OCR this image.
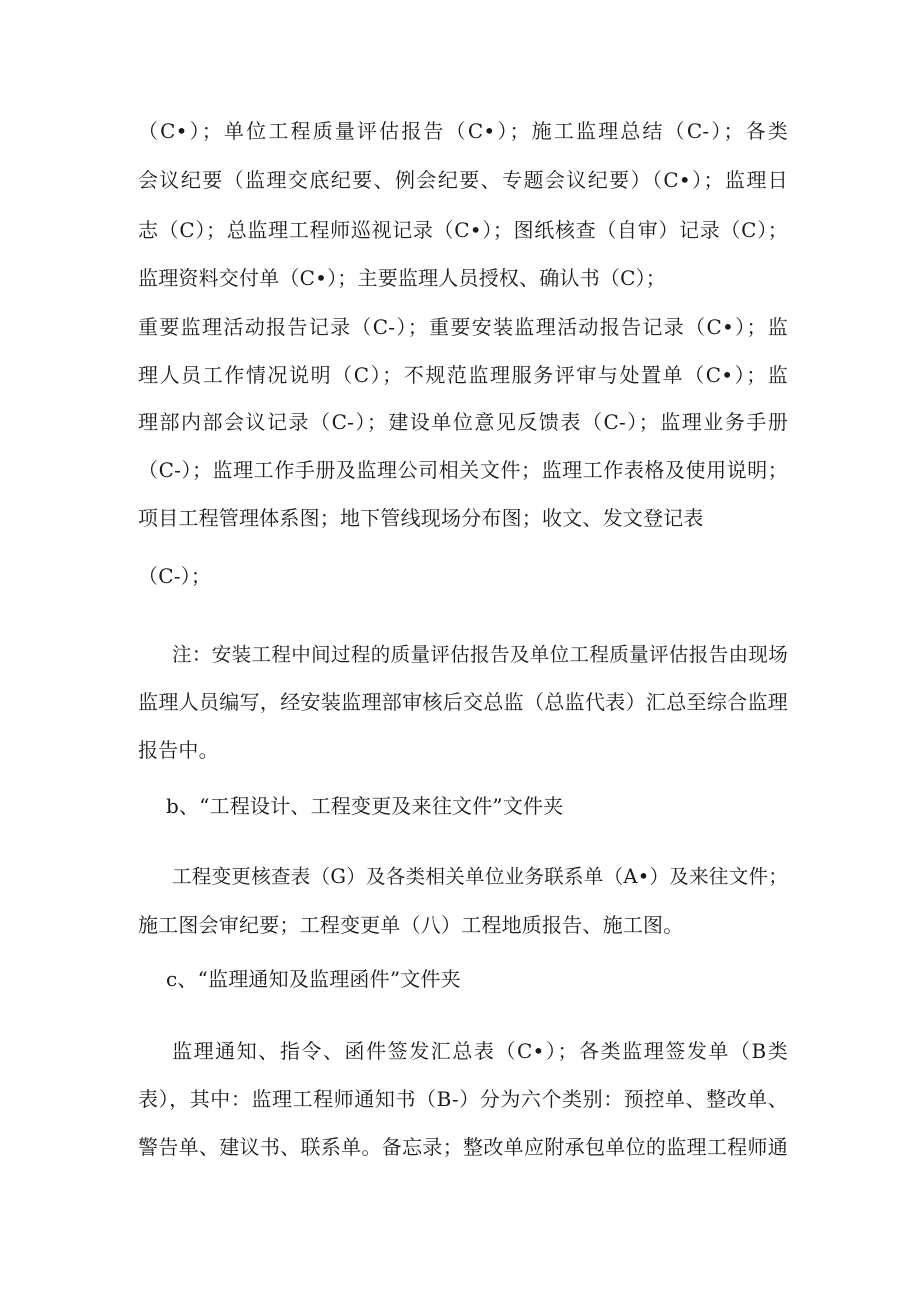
（C•）；单位工程质量评估报告（C•）；施工监理总结（C-）；各类
会议纪要（监理交底纪要、例会纪要、专题会议纪要）（C•）；监理日
志（C）；总监理工程师巡视记录（C•）；图纸核查（自审）记录（C）；
监理资料交付单（C•）；主要监理人员授权、确认书（C）；
重要监理活动报告记录（C-）；重要安装监理活动报告记录（C•）；监
理人员工作情况说明（C）；不规范监理服务评审与处置单（C•）；监
理部内部会议记录（C-）；建设单位意见反馈表（C-）；监理业务手册
（C-）；监理工作手册及监理公司相关文件；监理工作表格及使用说明；
项目工程管理体系图；地下管线现场分布图；收文、发文登记表
（C-）；
注：安装工程中间过程的质量评估报告及单位工程质量评估报告由现场
监理人员编写，经安装监理部审核后交总监（总监代表）汇总至综合监理
报告中。
b、“工程设计、工程变更及来往文件”文件夹
工程变更核查表（G）及各类相关单位业务联系单（A•）及来往文件；
施工图会审纪要；工程变更单（八）工程地质报告、施工图。
c、“监理通知及监理函件”文件夹
监理通知、指令、函件签发汇总表（C•）；各类监理签发单（B类
表），其中：监理工程师通知书（B-）分为六个类别：预控单、整改单、
警告单、建议书、联系单。备忘录；整改单应附承包单位的监理工程师通
